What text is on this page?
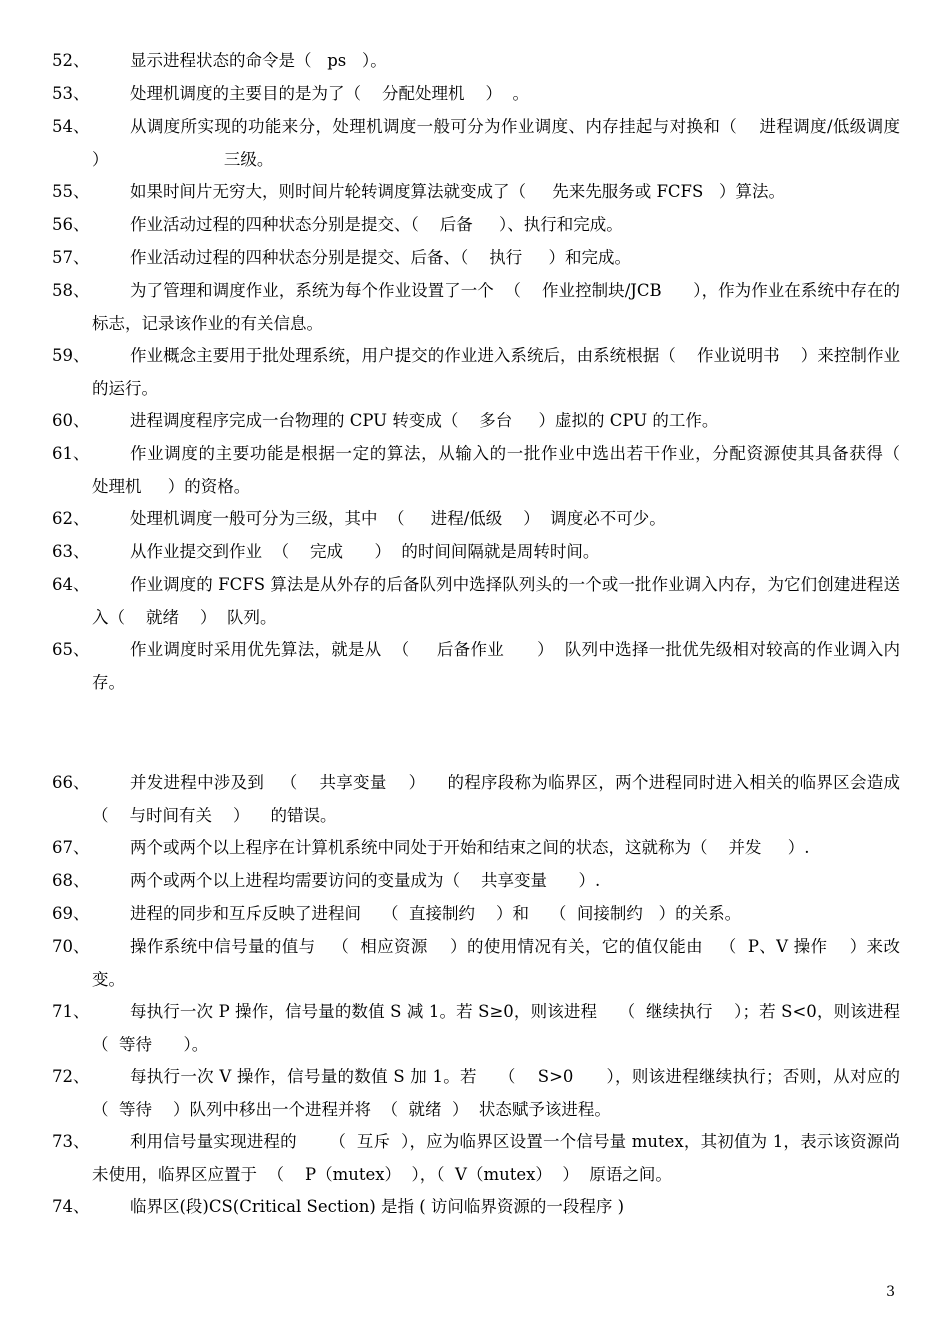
52、	显示进程状态的命令是（   ps   ）。
53、	处理机调度的主要目的是为了（    分配处理机    ）  。
54、	从调度所实现的功能来分，处理机调度一般可分为作业调度、内存挂起与对换和（    进程调度/低级调度     ）                      三级。
55、	如果时间片无穷大，则时间片轮转调度算法就变成了（     先来先服务或 FCFS   ）算法。
56、	作业活动过程的四种状态分别是提交、（    后备     ）、执行和完成。
57、	作业活动过程的四种状态分别是提交、后备、（    执行     ）和完成。
58、	为了管理和调度作业，系统为每个作业设置了一个  （    作业控制块/JCB      ），作为作业在系统中存在的标志，记录该作业的有关信息。
59、	作业概念主要用于批处理系统，用户提交的作业进入系统后，由系统根据（    作业说明书    ）来控制作业的运行。
60、	进程调度程序完成一台物理的 CPU 转变成（    多台     ）虚拟的 CPU 的工作。
61、	作业调度的主要功能是根据一定的算法，从输入的一批作业中选出若干作业，分配资源使其具备获得（    处理机     ）的资格。
62、	处理机调度一般可分为三级，其中  （     进程/低级    ）  调度必不可少。
63、	从作业提交到作业  （    完成      ）  的时间间隔就是周转时间。
64、	作业调度的 FCFS 算法是从外存的后备队列中选择队列头的一个或一批作业调入内存，为它们创建进程送入（    就绪    ）  队列。
65、	作业调度时采用优先算法，就是从  （     后备作业      ）  队列中选择一批优先级相对较高的作业调入内存。
66、	并发进程中涉及到   （    共享变量    ）    的程序段称为临界区，两个进程同时进入相关的临界区会造成  （    与时间有关    ）    的错误。
67、	两个或两个以上程序在计算机系统中同处于开始和结束之间的状态，这就称为（    并发     ）.
68、	两个或两个以上进程均需要访问的变量成为（    共享变量      ）.
69、	进程的同步和互斥反映了进程间    （  直接制约    ）和    （  间接制约   ）的关系。
70、	操作系统中信号量的值与   （  相应资源    ）的使用情况有关，它的值仅能由   （  P、V 操作    ）来改变。
71、	每执行一次 P 操作，信号量的数值 S 减 1。若 S≥0，则该进程    （  继续执行    ）；若 S<0，则该进程    （  等待      ）。
72、	每执行一次 V 操作，信号量的数值 S 加 1。若    （    S>0      ），则该进程继续执行；否则，从对应的    （  等待    ）队列中移出一个进程并将  （  就绪  ）  状态赋予该进程。
73、	利用信号量实现进程的      （  互斥  ），应为临界区设置一个信号量 mutex，其初值为 1，表示该资源尚未使用，临界区应置于  （    P（mutex）  ），（  V（mutex）  ）  原语之间。
74、	临界区(段)CS(Critical Section) 是指 ( 访问临界资源的一段程序 )
3
